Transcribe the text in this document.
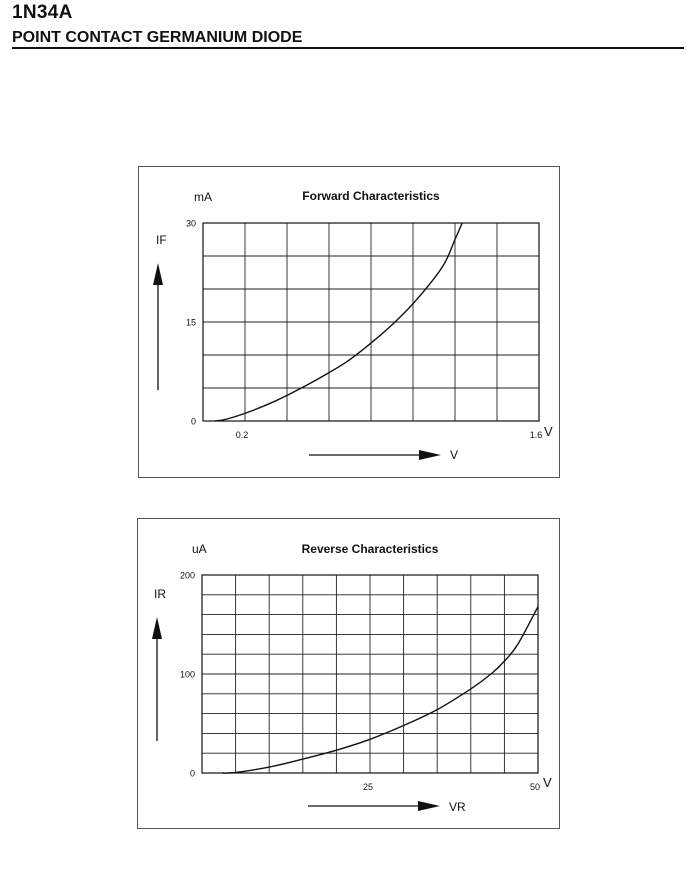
1N34A
POINT CONTACT GERMANIUM DIODE
mA	Forward Characteristics
IF
V
V
0
15
30
0.2	1.6
uA	Reverse Characteristics
IR
V
VR
0
100
200
25	50
